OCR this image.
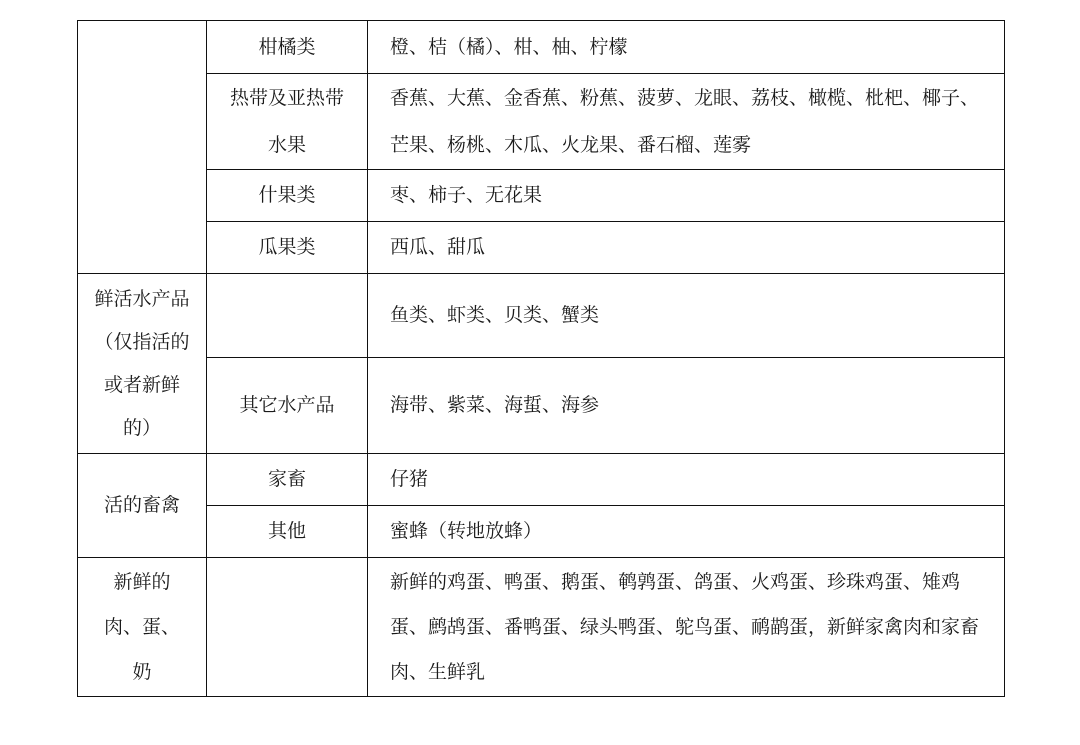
	柑橘类	橙、桔（橘）、柑、柚、柠檬

	热带及亚热带水果	香蕉、大蕉、金香蕉、粉蕉、菠萝、龙眼、荔枝、橄榄、枇杷、椰子、芒果、杨桃、木瓜、火龙果、番石榴、莲雾

	什果类	枣、柿子、无花果

	瓜果类	西瓜、甜瓜

鲜活水产品（仅指活的或者新鲜的）		鱼类、虾类、贝类、蟹类

	其它水产品	海带、紫菜、海蜇、海参

活的畜禽	家畜	仔猪

	其他	蜜蜂（转地放蜂）

新鲜的肉、蛋、奶		新鲜的鸡蛋、鸭蛋、鹅蛋、鹌鹑蛋、鸽蛋、火鸡蛋、珍珠鸡蛋、雉鸡蛋、鹧鸪蛋、番鸭蛋、绿头鸭蛋、鸵鸟蛋、鸸鹋蛋，新鲜家禽肉和家畜肉、生鲜乳
